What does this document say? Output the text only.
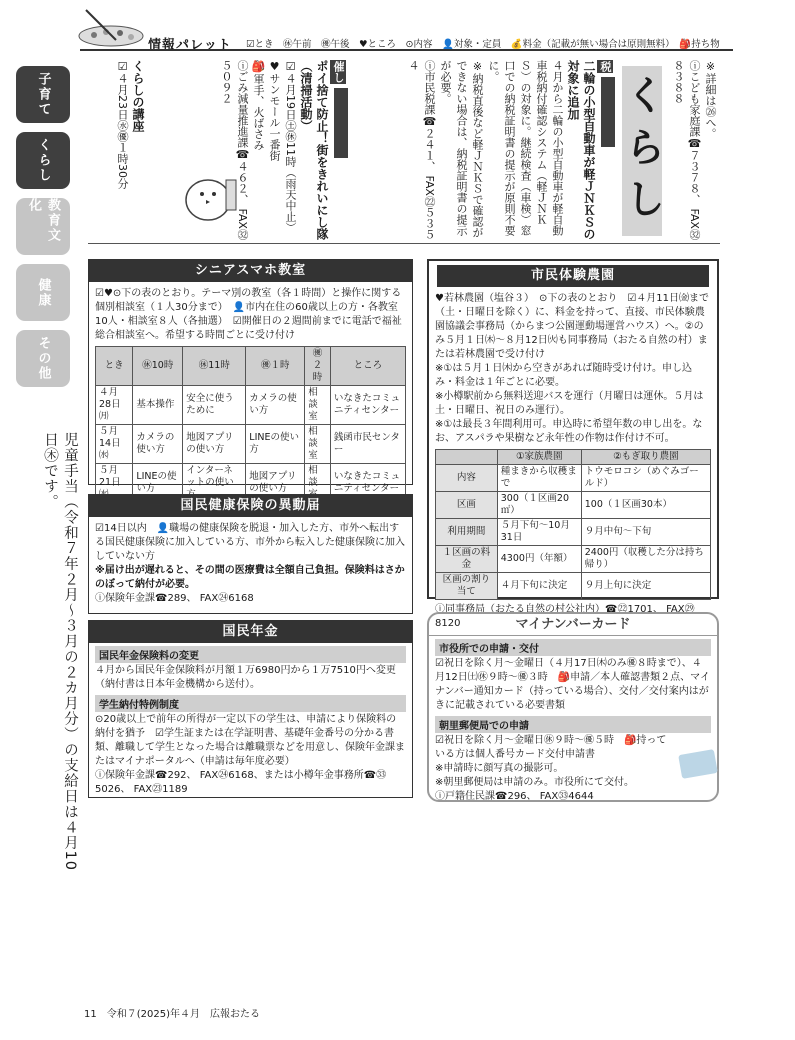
情報パレット ☑とき　㊡午前　㊝午後　♥ところ　⊙内容　👤対象・定員　💰料金（記載が無い場合は原則無料）　🎒持ち物
子育て
くらし
教育文化
健康
その他
児童手当（令和７年２月〜３月の２カ月分）の支給日は４月10日㊍です。
※詳細は㉖へ。
ⓘこども家庭課☎７３７８、 FAX㉜８３８８
くらし
税
二輪の小型自動車が軽ＪＮＫＳの対象に追加
４月から二輪の小型自動車が軽自動車税納付確認システム（軽ＪＮＫＳ）の対象に。継続検査（車検）窓口での納税証明書の提示が原則不要に。
※納税直後など軽ＪＮＫＳで確認ができない場合は、納税証明書の提示が必要。
ⓘ市民税課☎２４１、 FAX㉒５３５４
催し
ポイ捨て防止！街をきれいにし隊（清掃活動）
☑４月19日㊏㊡11時（雨天中止）
♥サンモール一番街
🎒軍手、火ばさみ
ⓘごみ減量推進課☎４６２、 FAX㉜５０９２
くらしの講座
☑４月23日㊌㊝１時30分
シニアスマホ教室
☑♥⊙下の表のとおり。テーマ別の教室（各１時間）と操作に関する個別相談室（１人30分まで）　👤市内在住の60歳以上の方・各教室10人・相談室８人（各抽選）　☑開催日の２週間前までに電話で福祉総合相談室へ。希望する時間ごとに受け付け
とき	㊡10時	㊡11時	㊝１時	㊝２時	ところ
４月28日㈪	基本操作	安全に使うために	カメラの使い方	相談室	いなきたコミュニティセンター
５月14日㈬	カメラの使い方	地図アプリの使い方	LINEの使い方	相談室	銭函市民センター
５月21日	LINEの使い方	インターネットの使い	地図アプリの使い方	相談	いなきたコミュニティセンター
国民健康保険の異動届
☑14日以内　👤職場の健康保険を脱退・加入した方、市外へ転出する国民健康保険に加入している方、市外から転入した健康保険に加入していない方
※届け出が遅れると、その間の医療費は全額自己負担。保険料はさかのぼって納付が必要。
ⓘ保険年金課☎289、 FAX㉔6168
国民年金
国民年金保険料の変更
４月から国民年金保険料が月額１万6980円から１万7510円へ変更（納付書は日本年金機構から送付）。
学生納付特例制度
⊙20歳以上で前年の所得が一定以下の学生は、申請により保険料の納付を猶予　☑学生証または在学証明書、基礎年金番号の分かる書類、離職して学生となった場合は離職票などを用意し、保険年金課またはマイナポータルへ（申請は毎年度必要）
ⓘ保険年金課☎292、 FAX㉔6168、または小樽年金事務所☎㉝5026、 FAX㉓1189
市民体験農園
♥若林農園（塩谷３）　⊙下の表のとおり　☑４月11日㈮まで（土・日曜日を除く）に、料金を持って、直接、市民体験農園協議会事務局（からまつ公園運動場運営ハウス）へ。②のみ５月１日㈭〜８月12日㈫も同事務局（おたる自然の村）または若林農園で受け付け
※①は５月１日㈭から空きがあれば随時受け付け。申し込み・料金は１年ごとに必要。
※小樽駅前から無料送迎バスを運行（月曜日は運休。５月は土・日曜日、祝日のみ運行）。
※①は最長３年間利用可。申込時に希望年数の申し出を。なお、アスパラや果樹など永年性の作物は作付け不可。
	①家族農園	②もぎ取り農園
内容	種まきから収穫まで	トウモロコシ（めぐみゴールド）
区画	300（１区画20㎡）	100（１区画30本）
利用期間	５月下旬〜10月31日	９月中旬〜下旬
１区画の料金	4300円（年額）	2400円（収穫した分は持ち帰り）
区画の割り当て	４月下旬に決定	９月上旬に決定
ⓘ同事務局（おたる自然の村公社内）☎㉒1701、 FAX㉙8120	マイナンバーカード
市役所での申請・交付
☑祝日を除く月〜金曜日（４月17日㈭のみ㊝８時まで）、４月12日㈯㊡９時〜㊝３時　🎒申請／本人確認書類２点、マイナンバー通知カード（持っている場合）、交付／交付案内はがきに記載されている必要書類
朝里郵便局での申請
☑祝日を除く月〜金曜日㊡９時〜㊝５時　🎒持っている方は個人番号カード交付申請書
※申請時に顔写真の撮影可。
※朝里郵便局は申請のみ。市役所にて交付。
ⓘ戸籍住民課☎296、 FAX㉝4644
11　令和７(2025)年４月　広報おたる
